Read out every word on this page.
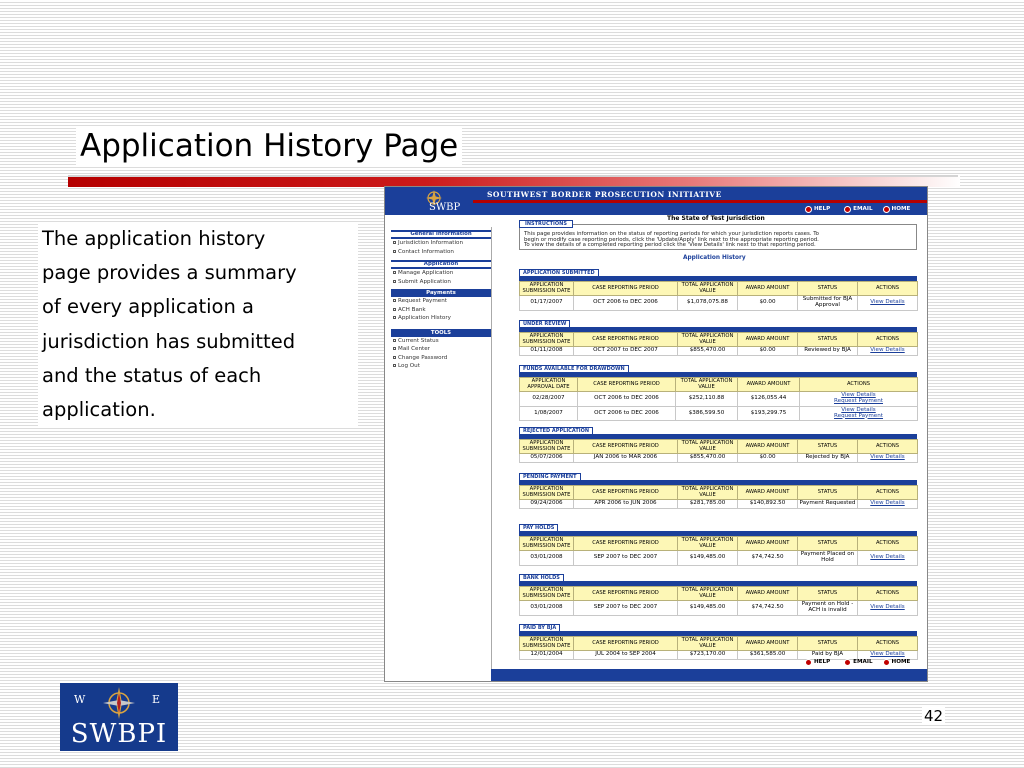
Application History Page
The application history
page provides a summary
of every application a
jurisdiction has submitted
and the status of each
application.
SWBP
SOUTHWEST BORDER PROSECUTION INITIATIVE
HELP	EMAIL	HOME
The State of Test Jurisdiction
General Information
Jurisdiction Information
Contact Information
Application
Manage Application
Submit Application
Payments
Request Payment
ACH Bank
Application History
TOOLS
Current Status
Mail Center
Change Password
Log Out
INSTRUCTIONS
This page provides information on the status of reporting periods for which your jurisdiction reports cases. To
begin or modify case reporting periods, click the 'Update/Apply' link next to the appropriate reporting period.
To view the details of a completed reporting period click the 'View Details' link next to that reporting period.
Application History
APPLICATION SUBMITTED
APPLICATION SUBMISSION DATE	CASE REPORTING PERIOD	TOTAL APPLICATION VALUE	AWARD AMOUNT	STATUS	ACTIONS
01/17/2007	OCT 2006 to DEC 2006	$1,078,075.88	$0.00	Submitted for BJA Approval	View Details
UNDER REVIEW
APPLICATION SUBMISSION DATE	CASE REPORTING PERIOD	TOTAL APPLICATION VALUE	AWARD AMOUNT	STATUS	ACTIONS
01/11/2008	OCT 2007 to DEC 2007	$855,470.00	$0.00	Reviewed by BJA	View Details
FUNDS AVAILABLE FOR DRAWDOWN
APPLICATION APPROVAL DATE	CASE REPORTING PERIOD	TOTAL APPLICATION VALUE	AWARD AMOUNT	ACTIONS
02/28/2007	OCT 2006 to DEC 2006	$252,110.88	$126,055.44	View Details
Request Payment

1/08/2007	OCT 2006 to DEC 2006	$386,599.50	$193,299.75	View Details
Request Payment
REJECTED APPLICATION
APPLICATION SUBMISSION DATE	CASE REPORTING PERIOD	TOTAL APPLICATION VALUE	AWARD AMOUNT	STATUS	ACTIONS
05/07/2006	JAN 2006 to MAR 2006	$855,470.00	$0.00	Rejected by BJA	View Details
PENDING PAYMENT
APPLICATION SUBMISSION DATE	CASE REPORTING PERIOD	TOTAL APPLICATION VALUE	AWARD AMOUNT	STATUS	ACTIONS
09/24/2006	APR 2006 to JUN 2006	$281,785.00	$140,892.50	Payment Requested	View Details
PAY HOLDS
APPLICATION SUBMISSION DATE	CASE REPORTING PERIOD	TOTAL APPLICATION VALUE	AWARD AMOUNT	STATUS	ACTIONS
03/01/2008	SEP 2007 to DEC 2007	$149,485.00	$74,742.50	Payment Placed on Hold	View Details
BANK HOLDS
APPLICATION SUBMISSION DATE	CASE REPORTING PERIOD	TOTAL APPLICATION VALUE	AWARD AMOUNT	STATUS	ACTIONS
03/01/2008	SEP 2007 to DEC 2007	$149,485.00	$74,742.50	Payment on Hold - ACH is invalid	View Details
PAID BY BJA
APPLICATION SUBMISSION DATE	CASE REPORTING PERIOD	TOTAL APPLICATION VALUE	AWARD AMOUNT	STATUS	ACTIONS
12/01/2004	JUL 2004 to SEP 2004	$723,170.00	$361,585.00	Paid by BJA	View Details
HELP	EMAIL	HOME
W	E
SWBPI
42
